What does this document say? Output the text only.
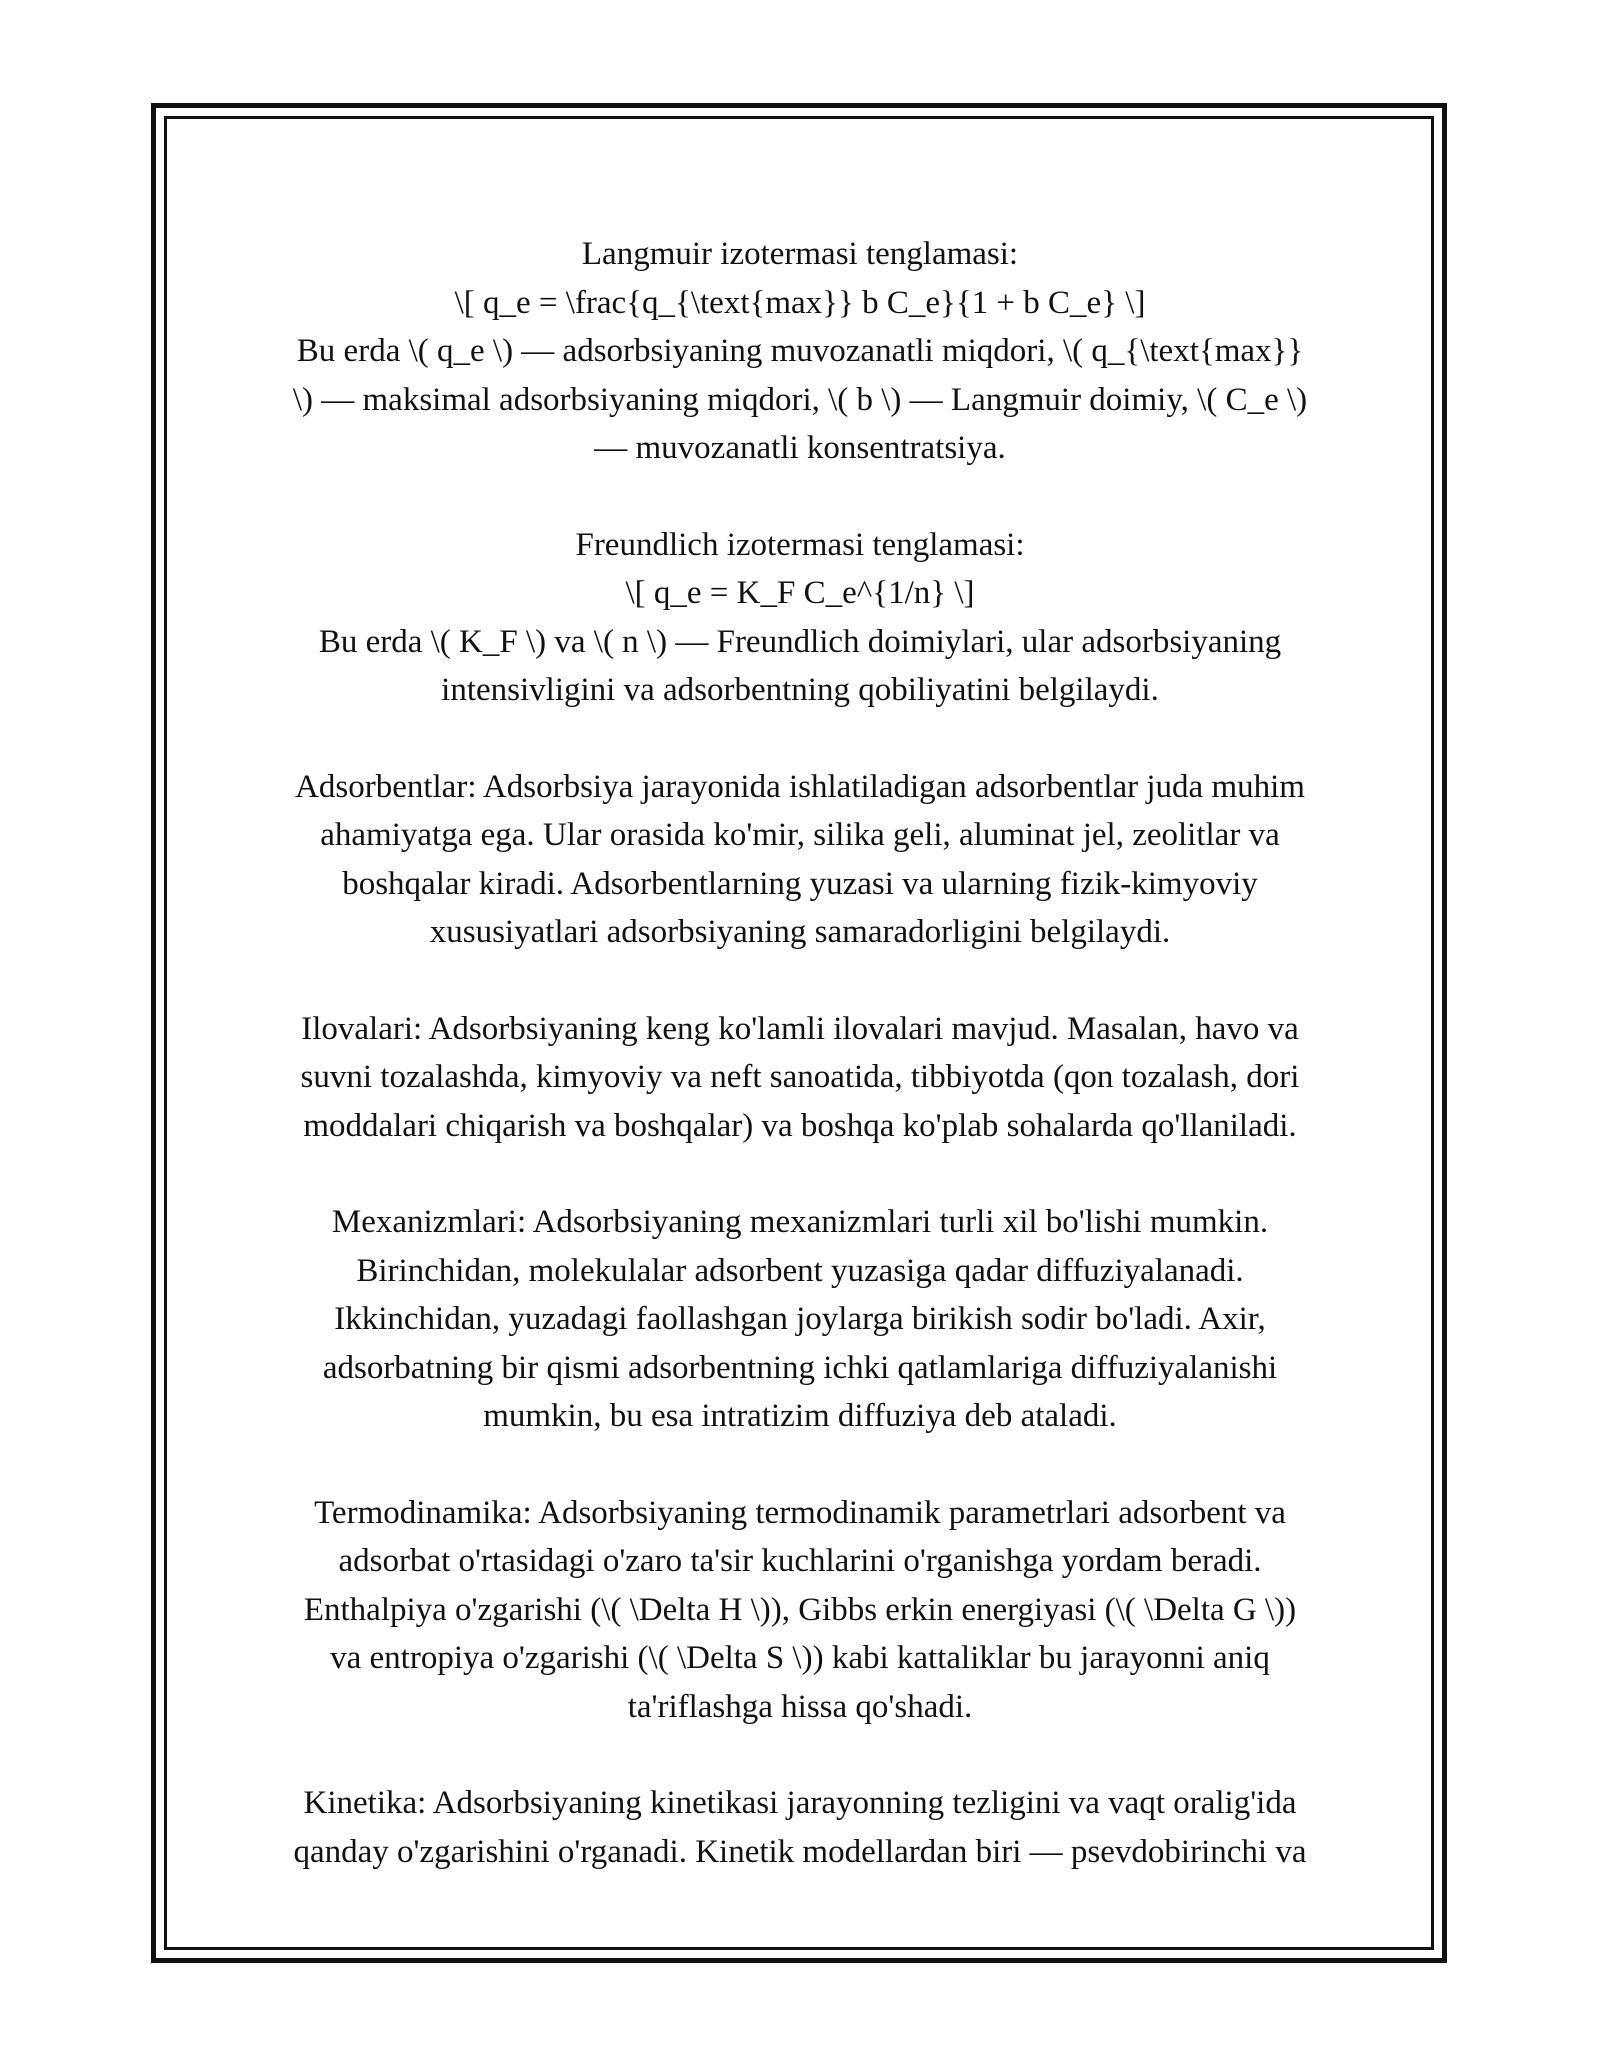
Langmuir izotermasi tenglamasi:
\[ q_e = \frac{q_{\text{max}} b C_e}{1 + b C_e} \]
Bu erda \( q_e \) — adsorbsiyaning muvozanatli miqdori, \( q_{\text{max}}
\) — maksimal adsorbsiyaning miqdori, \( b \) — Langmuir doimiy, \( C_e \)
— muvozanatli konsentratsiya.

Freundlich izotermasi tenglamasi:
\[ q_e = K_F C_e^{1/n} \]
Bu erda \( K_F \) va \( n \) — Freundlich doimiylari, ular adsorbsiyaning
intensivligini va adsorbentning qobiliyatini belgilaydi.

Adsorbentlar: Adsorbsiya jarayonida ishlatiladigan adsorbentlar juda muhim
ahamiyatga ega. Ular orasida ko'mir, silika geli, aluminat jel, zeolitlar va
boshqalar kiradi. Adsorbentlarning yuzasi va ularning fizik-kimyoviy
xususiyatlari adsorbsiyaning samaradorligini belgilaydi.

Ilovalari: Adsorbsiyaning keng ko'lamli ilovalari mavjud. Masalan, havo va
suvni tozalashda, kimyoviy va neft sanoatida, tibbiyotda (qon tozalash, dori
moddalari chiqarish va boshqalar) va boshqa ko'plab sohalarda qo'llaniladi.

Mexanizmlari: Adsorbsiyaning mexanizmlari turli xil bo'lishi mumkin.
Birinchidan, molekulalar adsorbent yuzasiga qadar diffuziyalanadi.
Ikkinchidan, yuzadagi faollashgan joylarga birikish sodir bo'ladi. Axir,
adsorbatning bir qismi adsorbentning ichki qatlamlariga diffuziyalanishi
mumkin, bu esa intratizim diffuziya deb ataladi.

Termodinamika: Adsorbsiyaning termodinamik parametrlari adsorbent va
adsorbat o'rtasidagi o'zaro ta'sir kuchlarini o'rganishga yordam beradi.
Enthalpiya o'zgarishi (\( \Delta H \)), Gibbs erkin energiyasi (\( \Delta G \))
va entropiya o'zgarishi (\( \Delta S \)) kabi kattaliklar bu jarayonni aniq
ta'riflashga hissa qo'shadi.

Kinetika: Adsorbsiyaning kinetikasi jarayonning tezligini va vaqt oralig'ida
qanday o'zgarishini o'rganadi. Kinetik modellardan biri — psevdobirinchi va
